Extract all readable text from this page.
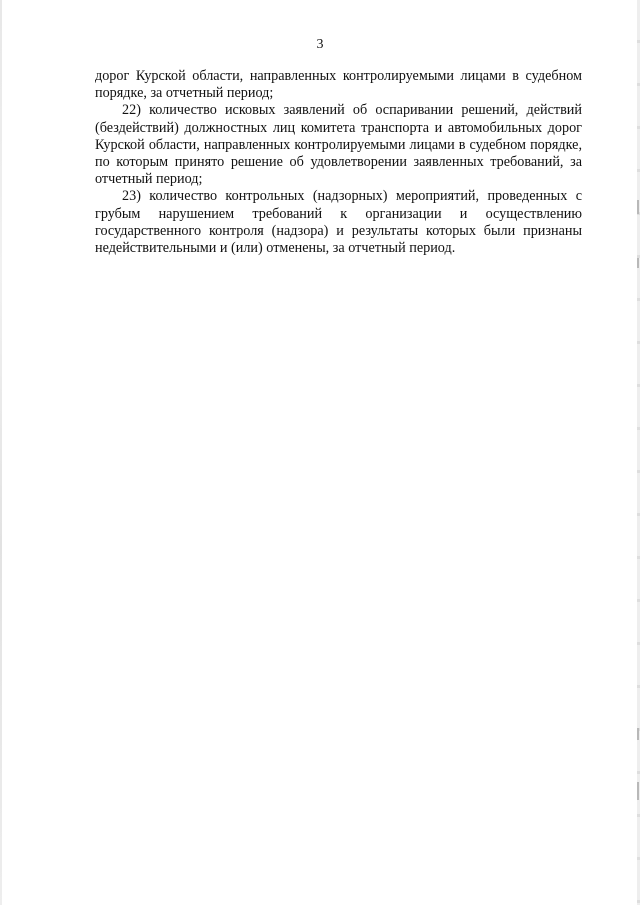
3

дорог Курской области, направленных контролируемыми лицами в судебном порядке, за отчетный период;

22) количество исковых заявлений об оспаривании решений, действий (бездействий) должностных лиц комитета транспорта и автомобильных дорог Курской области, направленных контролируемыми лицами в судебном порядке, по которым принято решение об удовлетворении заявленных требований, за отчетный период;

23) количество контрольных (надзорных) мероприятий, проведенных с грубым нарушением требований к организации и осуществлению государственного контроля (надзора) и результаты которых были признаны недействительными и (или) отменены, за отчетный период.
